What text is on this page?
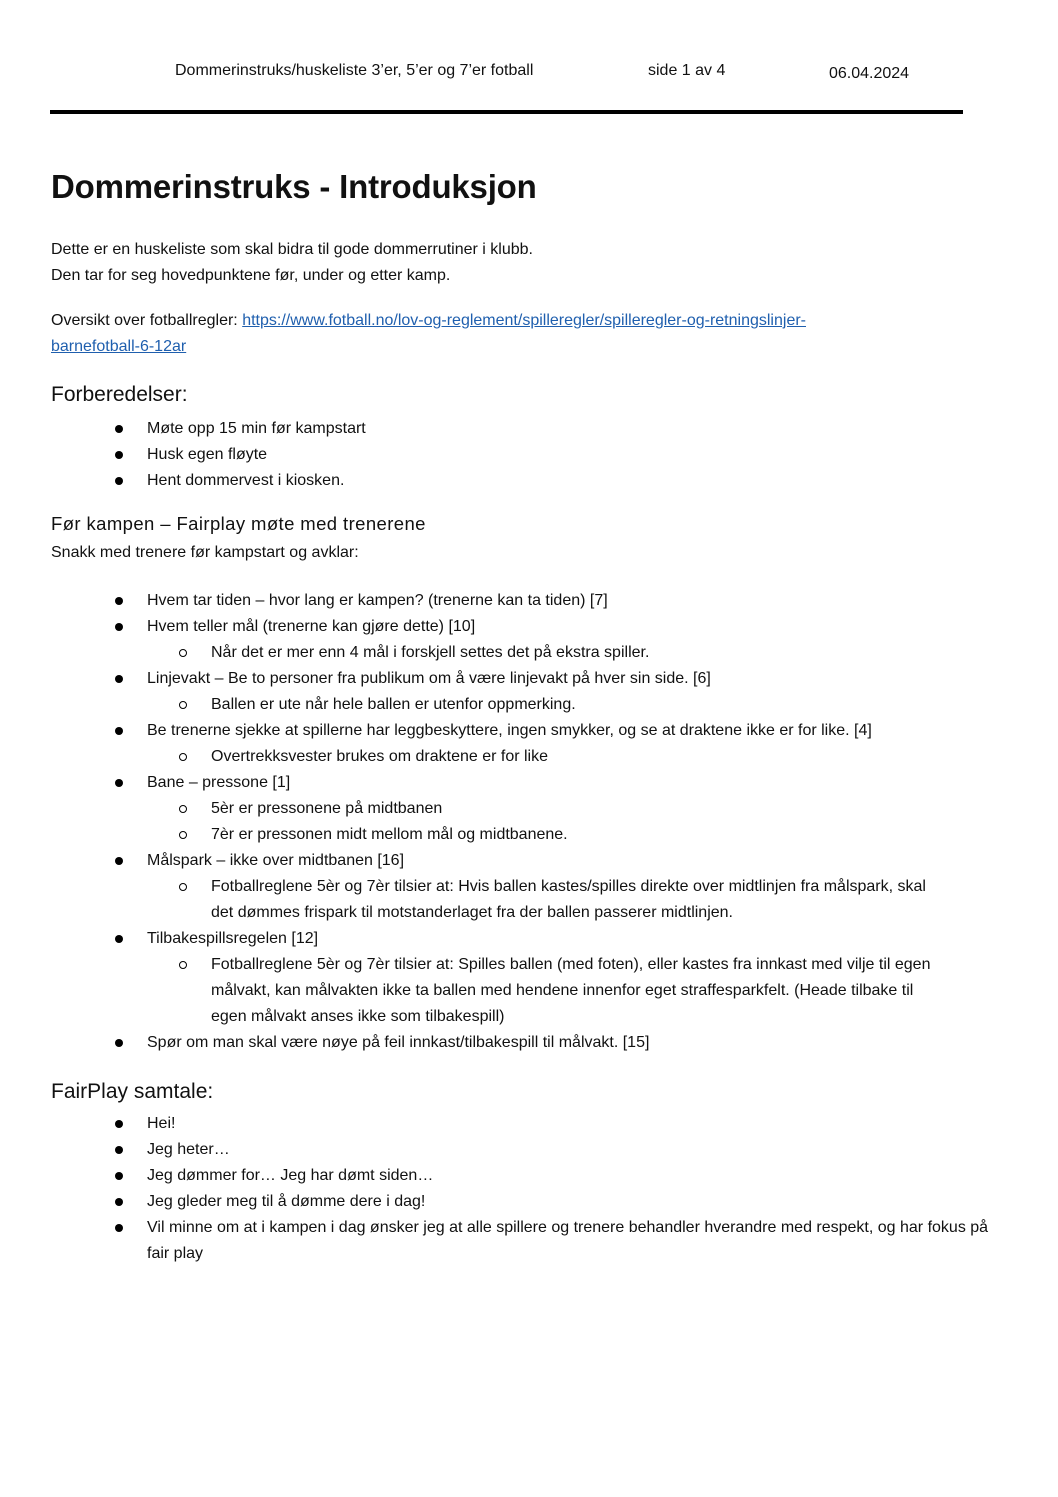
Dommerinstruks/huskeliste 3’er, 5’er og 7’er fotball	side 1 av 4	06.04.2024
Dommerinstruks - Introduksjon

Dette er en huskeliste som skal bidra til gode dommerrutiner i klubb.
Den tar for seg hovedpunktene før, under og etter kamp.

Oversikt over fotballregler: https://www.fotball.no/lov-og-reglement/spilleregler/spilleregler-og-retningslinjer-
barnefotball-6-12ar

Forberedelser:
Møte opp 15 min før kampstart
Husk egen fløyte
Hent dommervest i kiosken.
Før kampen – Fairplay møte med trenerene

Snakk med trenere før kampstart og avklar:

Hvem tar tiden – hvor lang er kampen? (trenerne kan ta tiden) [7]
Hvem teller mål (trenerne kan gjøre dette) [10]
Når det er mer enn 4 mål i forskjell settes det på ekstra spiller.
Linjevakt – Be to personer fra publikum om å være linjevakt på hver sin side. [6]
Ballen er ute når hele ballen er utenfor oppmerking.
Be trenerne sjekke at spillerne har leggbeskyttere, ingen smykker, og se at draktene ikke er for like. [4]
Overtrekksvester brukes om draktene er for like
Bane – pressone [1]
5èr er pressonene på midtbanen
7èr er pressonen midt mellom mål og midtbanene.
Målspark – ikke over midtbanen [16]
Fotballreglene 5èr og 7èr tilsier at: Hvis ballen kastes/spilles direkte over midtlinjen fra målspark, skal det dømmes frispark til motstanderlaget fra der ballen passerer midtlinjen.
Tilbakespillsregelen [12]
Fotballreglene 5èr og 7èr tilsier at: Spilles ballen (med foten), eller kastes fra innkast med vilje til egen målvakt, kan målvakten ikke ta ballen med hendene innenfor eget straffesparkfelt. (Heade tilbake til egen målvakt anses ikke som tilbakespill)
Spør om man skal være nøye på feil innkast/tilbakespill til målvakt. [15]
FairPlay samtale:
Hei!
Jeg heter…
Jeg dømmer for… Jeg har dømt siden…
Jeg gleder meg til å dømme dere i dag!
Vil minne om at i kampen i dag ønsker jeg at alle spillere og trenere behandler hverandre med respekt, og har fokus på fair play
